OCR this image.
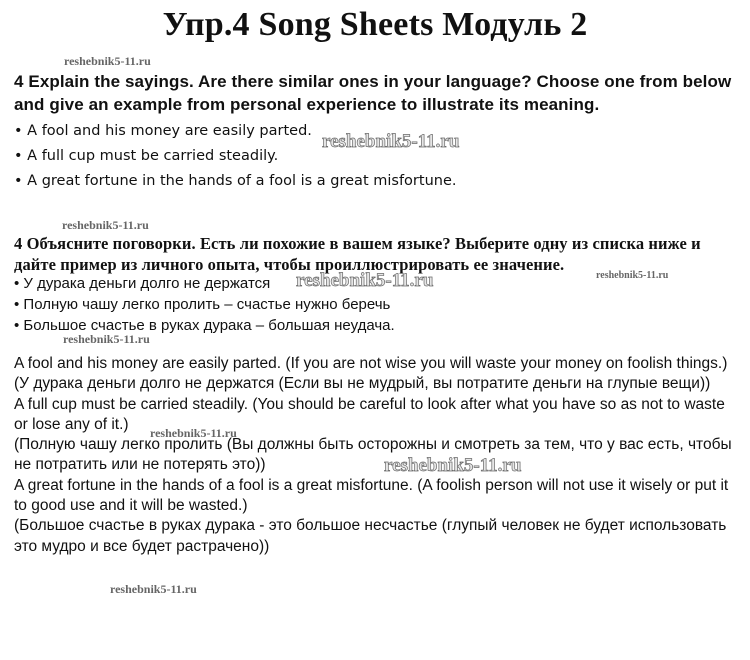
Упр.4 Song Sheets Модуль 2
4 Explain the sayings. Are there similar ones in your language? Choose one from below and give an example from personal experience to illustrate its meaning.
• A fool and his money are easily parted.
• A full cup must be carried steadily.
• A great fortune in the hands of a fool is a great misfortune.
4 Объясните поговорки. Есть ли похожие в вашем языке? Выберите одну из списка ниже и дайте пример из личного опыта, чтобы проиллюстрировать ее значение.
• У дурака деньги долго не держатся
• Полную чашу легко пролить – счастье нужно беречь
• Большое счастье в руках дурака – большая неудача.

A fool and his money are easily parted. (If you are not wise you will waste your money on foolish things.)

(У дурака деньги долго не держатся (Если вы не мудрый, вы потратите деньги на глупые вещи))

A full cup must be carried steadily. (You should be careful to look after what you have so as not to waste or lose any of it.)

(Полную чашу легко пролить (Вы должны быть осторожны и смотреть за тем, что у вас есть, чтобы не потратить или не потерять это))

A great fortune in the hands of a fool is a great misfortune. (A foolish person will not use it wisely or put it to good use and it will be wasted.)

(Большое счастье в руках дурака - это большое несчастье (глупый человек не будет использовать это мудро и все будет растрачено))

reshebnik5-11.ru
reshebnik5-11.ru
reshebnik5-11.ru
reshebnik5-11.ru	reshebnik5-11.ru
reshebnik5-11.ru
reshebnik5-11.ru
reshebnik5-11.ru
reshebnik5-11.ru
